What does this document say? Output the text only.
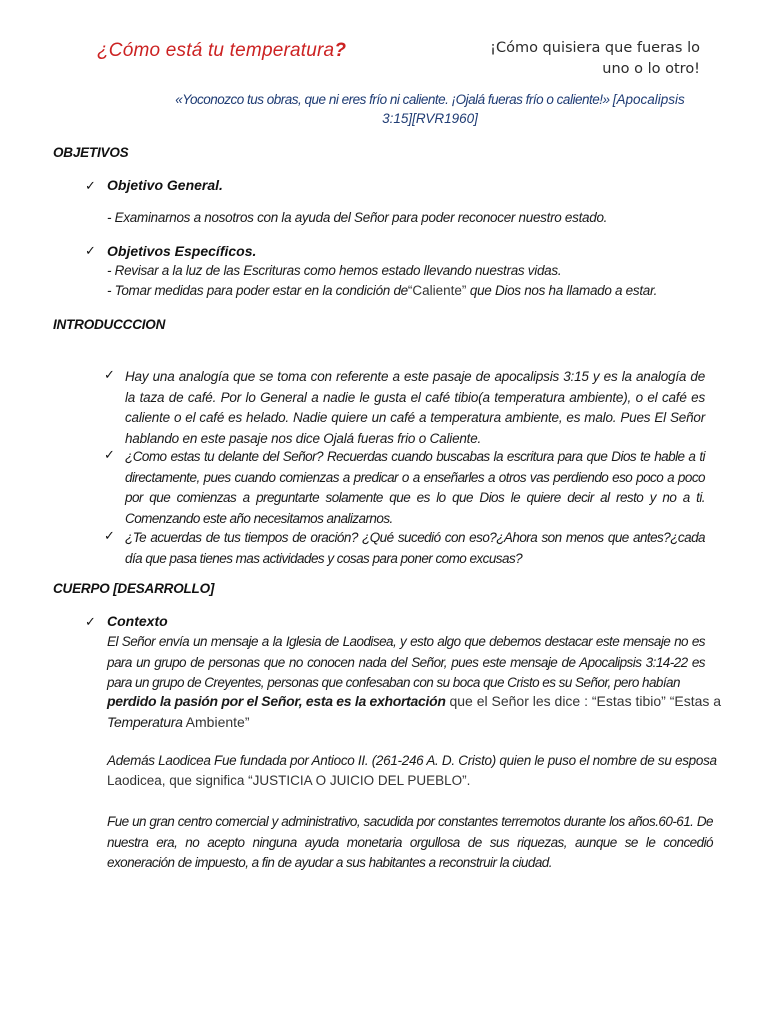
¿Cómo está tu temperatura?	¡Cómo quisiera que fueras lo
uno o lo otro!
«Yoconozco tus obras, que ni eres frío ni caliente. ¡Ojalá fueras frío o caliente!» [Apocalipsis
3:15][RVR1960]
OBJETIVOS
✓ Objetivo General.
- Examinarnos a nosotros con la ayuda del Señor para poder reconocer nuestro estado.
✓ Objetivos Específicos.
- Revisar a la luz de las Escrituras como hemos estado llevando nuestras vidas.
- Tomar medidas para poder estar en la condición de“Caliente” que Dios nos ha llamado a estar.
INTRODUCCCION
✓ Hay una analogía que se toma con referente a este pasaje de apocalipsis 3:15 y es la analogía de la taza de café. Por lo General a nadie le gusta el café tibio(a temperatura ambiente), o el café es caliente o el café es helado. Nadie quiere un café a temperatura ambiente, es malo. Pues El Señor hablando en este pasaje nos dice Ojalá fueras frio o Caliente.
✓ ¿Como estas tu delante del Señor? Recuerdas cuando buscabas la escritura para que Dios te hable a ti directamente, pues cuando comienzas a predicar o a enseñarles a otros vas perdiendo eso poco a poco por que comienzas a preguntarte solamente que es lo que Dios le quiere decir al resto y no a ti. Comenzando este año necesitamos analizarnos.
✓ ¿Te acuerdas de tus tiempos de oración? ¿Qué sucedió con eso?¿Ahora son menos que antes?¿cada día que pasa tienes mas actividades y cosas para poner como excusas?
CUERPO [DESARROLLO]
✓ Contexto
El Señor envía un mensaje a la Iglesia de Laodisea, y esto algo que debemos destacar este mensaje no es para un grupo de personas que no conocen nada del Señor, pues este mensaje de Apocalipsis 3:14-22 es para un grupo de Creyentes, personas que confesaban con su boca que Cristo es su Señor, pero habían
perdido la pasión por el Señor, esta es la exhortación que el Señor les dice : “Estas tibio” “Estas a
Temperatura Ambiente”
Además Laodicea Fue fundada por Antioco II. (261-246 A. D. Cristo) quien le puso el nombre de su esposa
Laodicea, que significa “JUSTICIA O JUICIO DEL PUEBLO”.
Fue un gran centro comercial y administrativo, sacudida por constantes terremotos durante los años.60-61. De nuestra era, no acepto ninguna ayuda monetaria orgullosa de sus riquezas, aunque se le concedió exoneración de impuesto, a fin de ayudar a sus habitantes a reconstruir la ciudad.
